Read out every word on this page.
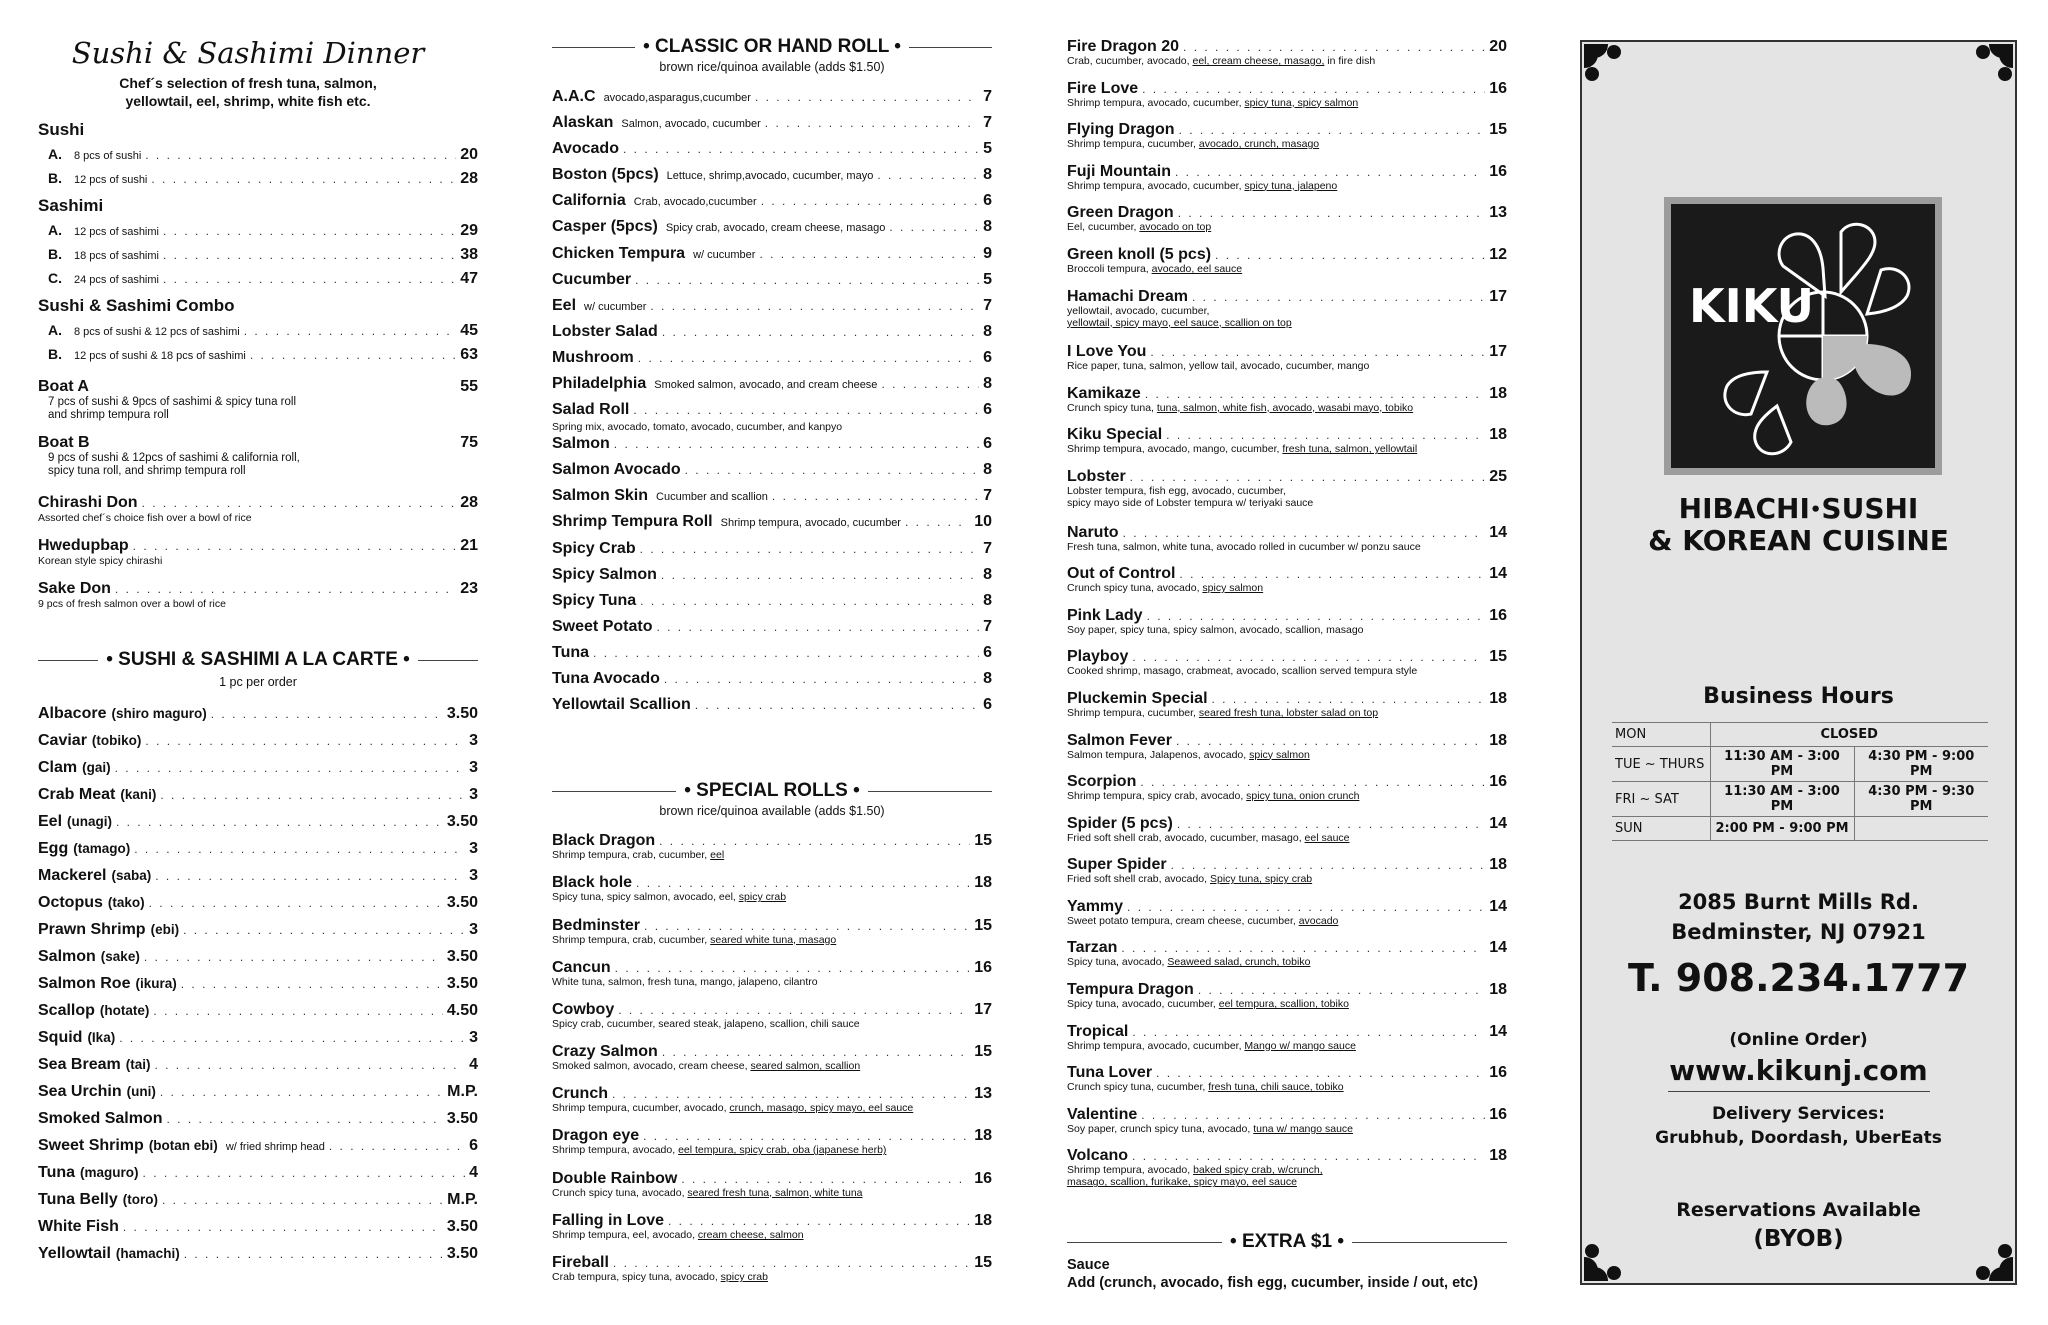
Sushi & Sashimi Dinner
Chef´s selection of fresh tuna, salmon, yellowtail, eel, shrimp, white fish etc.
Sushi
A. 8 pcs of sushi . . .	20
B. 12 pcs of sushi . . .	28
Sashimi
A. 12 pcs of sashimi . . .	29
B. 18 pcs of sashimi . . .	38
C. 24 pcs of sashimi . . .	47
Sushi & Sashimi Combo
A. 8 pcs of sushi & 12 pcs of sashimi . . .	45
B. 12 pcs of sushi & 18 pcs of sashimi . . .	63
Boat A	55
7 pcs of sushi & 9pcs of sashimi & spicy tuna roll
and shrimp tempura roll
Boat B	75
9 pcs of sushi & 12pcs of sashimi & california roll,
spicy tuna roll, and shrimp tempura roll
Chirashi Don . . .	28
Assorted chef´s choice fish over a bowl of rice
Hwedupbap . . .	21
Korean style spicy chirashi
Sake Don . . .	23
9 pcs of fresh salmon over a bowl of rice
• SUSHI & SASHIMI A LA CARTE •
1 pc per order
Albacore (shiro maguro) . . .	3.50
Caviar (tobiko) . . .	3
Clam (gai) . . .	3
Crab Meat (kani) . . .	3
Eel (unagi) . . .	3.50
Egg (tamago) . . .	3
Mackerel (saba) . . .	3
Octopus (tako) . . .	3.50
Prawn Shrimp (ebi) . . .	3
Salmon (sake) . . .	3.50
Salmon Roe (ikura) . . .	3.50
Scallop (hotate) . . .	4.50
Squid (Ika) . . .	3
Sea Bream (tai) . . .	4
Sea Urchin (uni) . . .	M.P.
Smoked Salmon . . .	3.50
Sweet Shrimp (botan ebi) w/ fried shrimp head . . .	6
Tuna (maguro) . . .	4
Tuna Belly (toro) . . .	M.P.
White Fish . . .	3.50
Yellowtail (hamachi) . . .	3.50
• CLASSIC OR HAND ROLL •
brown rice/quinoa available (adds $1.50)
A.A.C avocado,asparagus,cucumber . . .	7
Alaskan Salmon, avocado, cucumber . . .	7
Avocado . . .	5
Boston (5pcs) Lettuce, shrimp,avocado, cucumber, mayo . . .	8
California Crab, avocado,cucumber . . .	6
Casper (5pcs) Spicy crab, avocado, cream cheese, masago . . .	8
Chicken Tempura w/ cucumber . . .	9
Cucumber . . .	5
Eel w/ cucumber . . .	7
Lobster Salad . . .	8
Mushroom . . .	6
Philadelphia Smoked salmon, avocado, and cream cheese . . .	8
Salad Roll . . .	6
Spring mix, avocado, tomato, avocado, cucumber, and kanpyo
Salmon . . .	6
Salmon Avocado . . .	8
Salmon Skin Cucumber and scallion . . .	7
Shrimp Tempura Roll Shrimp tempura, avocado, cucumber . . .	10
Spicy Crab . . .	7
Spicy Salmon . . .	8
Spicy Tuna . . .	8
Sweet Potato . . .	7
Tuna . . .	6
Tuna Avocado . . .	8
Yellowtail Scallion . . .	6
• SPECIAL ROLLS •
brown rice/quinoa available (adds $1.50)
Black Dragon . . .	15
Shrimp tempura, crab, cucumber, eel
Black hole . . .	18
Spicy tuna, spicy salmon, avocado, eel, spicy crab
Bedminster . . .	15
Shrimp tempura, crab, cucumber, seared white tuna, masago
Cancun . . .	16
White tuna, salmon, fresh tuna, mango, jalapeno, cilantro
Cowboy . . .	17
Spicy crab, cucumber, seared steak, jalapeno, scallion, chili sauce
Crazy Salmon . . .	15
Smoked salmon, avocado, cream cheese, seared salmon, scallion
Crunch . . .	13
Shrimp tempura, cucumber, avocado, crunch, masago, spicy mayo, eel sauce
Dragon eye . . .	18
Shrimp tempura, avocado, eel tempura, spicy crab, oba (japanese herb)
Double Rainbow . . .	16
Crunch spicy tuna, avocado, seared fresh tuna, salmon, white tuna
Falling in Love . . .	18
Shrimp tempura, eel, avocado, cream cheese, salmon
Fireball . . .	15
Crab tempura, spicy tuna, avocado, spicy crab
Fire Dragon 20 . . .	20
Crab, cucumber, avocado, eel, cream cheese, masago, in fire dish
Fire Love . . .	16
Shrimp tempura, avocado, cucumber, spicy tuna, spicy salmon
Flying Dragon . . .	15
Shrimp tempura, cucumber, avocado, crunch, masago
Fuji Mountain . . .	16
Shrimp tempura, avocado, cucumber, spicy tuna, jalapeno
Green Dragon . . .	13
Eel, cucumber, avocado on top
Green knoll (5 pcs) . . .	12
Broccoli tempura, avocado, eel sauce
Hamachi Dream . . .	17
yellowtail, avocado, cucumber,
yellowtail, spicy mayo, eel sauce, scallion on top
I Love You . . .	17
Rice paper, tuna, salmon, yellow tail, avocado, cucumber, mango
Kamikaze . . .	18
Crunch spicy tuna, tuna, salmon, white fish, avocado, wasabi mayo, tobiko
Kiku Special . . .	18
Shrimp tempura, avocado, mango, cucumber, fresh tuna, salmon, yellowtail
Lobster . . .	25
Lobster tempura, fish egg, avocado, cucumber,
spicy mayo side of Lobster tempura w/ teriyaki sauce
Naruto . . .	14
Fresh tuna, salmon, white tuna, avocado rolled in cucumber w/ ponzu sauce
Out of Control . . .	14
Crunch spicy tuna, avocado, spicy salmon
Pink Lady . . .	16
Soy paper, spicy tuna, spicy salmon, avocado, scallion, masago
Playboy . . .	15
Cooked shrimp, masago, crabmeat, avocado, scallion served tempura style
Pluckemin Special . . .	18
Shrimp tempura, cucumber, seared fresh tuna, lobster salad on top
Salmon Fever . . .	18
Salmon tempura, Jalapenos, avocado, spicy salmon
Scorpion . . .	16
Shrimp tempura, spicy crab, avocado, spicy tuna, onion crunch
Spider (5 pcs) . . .	14
Fried soft shell crab, avocado, cucumber, masago, eel sauce
Super Spider . . .	18
Fried soft shell crab, avocado, Spicy tuna, spicy crab
Yammy . . .	14
Sweet potato tempura, cream cheese, cucumber, avocado
Tarzan . . .	14
Spicy tuna, avocado, Seaweed salad, crunch, tobiko
Tempura Dragon . . .	18
Spicy tuna, avocado, cucumber, eel tempura, scallion, tobiko
Tropical . . .	14
Shrimp tempura, avocado, cucumber, Mango w/ mango sauce
Tuna Lover . . .	16
Crunch spicy tuna, cucumber, fresh tuna, chili sauce, tobiko
Valentine . . .	16
Soy paper, crunch spicy tuna, avocado, tuna w/ mango sauce
Volcano . . .	18
Shrimp tempura, avocado, baked spicy crab, w/crunch,
masago, scallion, furikake, spicy mayo, eel sauce
• EXTRA $1 •
Sauce
Add (crunch, avocado, fish egg, cucumber, inside / out, etc)
KIKU
HIBACHI•SUSHI
& KOREAN CUISINE
Business Hours
MON	CLOSED	
TUE ~ THURS	11:30 AM - 3:00 PM	4:30 PM - 9:00 PM
FRI ~ SAT	11:30 AM - 3:00 PM	4:30 PM - 9:30 PM
SUN	2:00 PM - 9:00 PM	
2085 Burnt Mills Rd.
Bedminster, NJ 07921
T. 908.234.1777
(Online Order)
www.kikunj.com
Delivery Services:
Grubhub, Doordash, UberEats
Reservations Available
(BYOB)
